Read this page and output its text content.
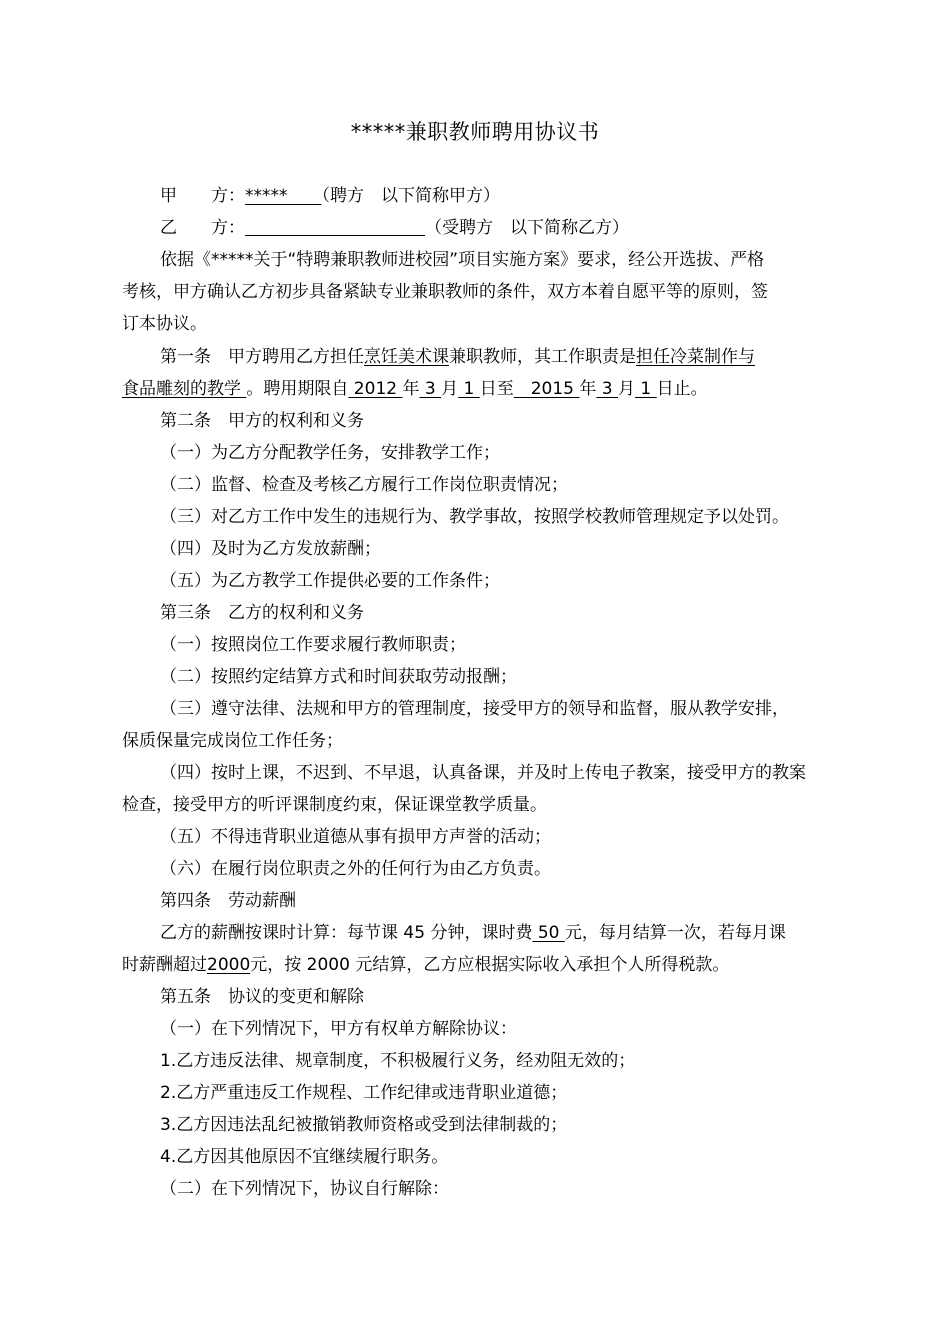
*****兼职教师聘用协议书
甲　　方：*****　　 （聘方　以下简称甲方）
乙　　方：	（受聘方　以下简称乙方）
依据《*****关于“特聘兼职教师进校园”项目实施方案》要求，经公开选拔、严格
考核，甲方确认乙方初步具备紧缺专业兼职教师的条件，双方本着自愿平等的原则，签
订本协议。
第一条　甲方聘用乙方担任烹饪美术课兼职教师，其工作职责是担任冷菜制作与
食品雕刻的教学 。聘用期限自 2012 年 3 月 1 日至　2015 年 3 月 1 日止。
第二条　甲方的权利和义务
（一）为乙方分配教学任务，安排教学工作；
（二）监督、检查及考核乙方履行工作岗位职责情况；
（三）对乙方工作中发生的违规行为、教学事故，按照学校教师管理规定予以处罚。
（四）及时为乙方发放薪酬；
（五）为乙方教学工作提供必要的工作条件；
第三条　乙方的权利和义务
（一）按照岗位工作要求履行教师职责；
（二）按照约定结算方式和时间获取劳动报酬；
（三）遵守法律、法规和甲方的管理制度，接受甲方的领导和监督，服从教学安排，
保质保量完成岗位工作任务；
（四）按时上课，不迟到、不早退，认真备课，并及时上传电子教案，接受甲方的教案
检查，接受甲方的听评课制度约束，保证课堂教学质量。
（五）不得违背职业道德从事有损甲方声誉的活动；
（六）在履行岗位职责之外的任何行为由乙方负责。
第四条　劳动薪酬
乙方的薪酬按课时计算：每节课 45 分钟，课时费 50 元，每月结算一次，若每月课
时薪酬超过2000元，按 2000 元结算，乙方应根据实际收入承担个人所得税款。
第五条　协议的变更和解除
（一）在下列情况下，甲方有权单方解除协议：
1.乙方违反法律、规章制度，不积极履行义务，经劝阻无效的；
2.乙方严重违反工作规程、工作纪律或违背职业道德；
3.乙方因违法乱纪被撤销教师资格或受到法律制裁的；
4.乙方因其他原因不宜继续履行职务。
（二）在下列情况下，协议自行解除：
